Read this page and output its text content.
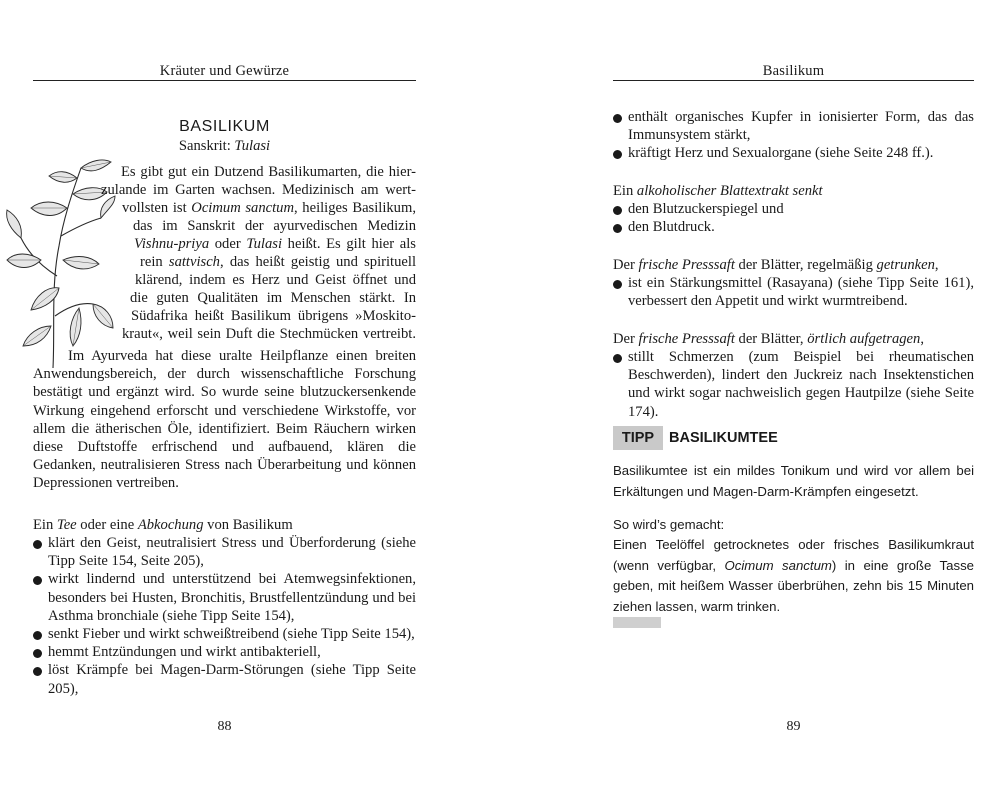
Kräuter und Gewürze
BASILIKUM
Sanskrit: Tulasi
Es gibt gut ein Dutzend Basilikumarten, die hier-
zulande im Garten wachsen. Medizinisch am wert-
vollsten ist Ocimum sanctum, heiliges Basilikum,
das im Sanskrit der ayurvedischen Medizin
Vishnu-priya oder Tulasi heißt. Es gilt hier als
rein sattvisch, das heißt geistig und spirituell
klärend, indem es Herz und Geist öffnet und
die guten Qualitäten im Menschen stärkt. In
Südafrika heißt Basilikum übrigens »Moskito-
kraut«, weil sein Duft die Stechmücken vertreibt.

Im Ayurveda hat diese uralte Heilpflanze einen breiten Anwendungsbereich, der durch wissenschaftliche Forschung bestätigt und ergänzt wird. So wurde seine blutzuckersenkende Wirkung eingehend erforscht und verschiedene Wirkstoffe, vor allem die ätherischen Öle, identifiziert. Beim Räuchern wirken diese Duftstoffe erfrischend und aufbauend, klären die Gedanken, neutralisieren Stress nach Überarbeitung und können Depressionen vertreiben.

Ein Tee oder eine Abkochung von Basilikum
klärt den Geist, neutralisiert Stress und Überforderung (siehe Tipp Seite 154, Seite 205),
wirkt lindernd und unterstützend bei Atemwegsinfektionen, besonders bei Husten, Bronchitis, Brustfellentzündung und bei Asthma bronchiale (siehe Tipp Seite 154),
senkt Fieber und wirkt schweißtreibend (siehe Tipp Seite 154),
hemmt Entzündungen und wirkt antibakteriell,
löst Krämpfe bei Magen-Darm-Störungen (siehe Tipp Seite 205),
88
Basilikum
enthält organisches Kupfer in ionisierter Form, das das Immunsystem stärkt,
kräftigt Herz und Sexualorgane (siehe Seite 248 ff.).
Ein alkoholischer Blattextrakt senkt
den Blutzuckerspiegel und
den Blutdruck.
Der frische Presssaft der Blätter, regelmäßig getrunken,
ist ein Stärkungsmittel (Rasayana) (siehe Tipp Seite 161), verbessert den Appetit und wirkt wurmtreibend.
Der frische Presssaft der Blätter, örtlich aufgetragen,
stillt Schmerzen (zum Beispiel bei rheumatischen Beschwerden), lindert den Juckreiz nach Insektenstichen und wirkt sogar nachweislich gegen Hautpilze (siehe Seite 174).
TIPP	BASILIKUMTEE
Basilikumtee ist ein mildes Tonikum und wird vor allem bei Erkältungen und Magen-Darm-Krämpfen eingesetzt.
So wird’s gemacht:
Einen Teelöffel getrocknetes oder frisches Basilikumkraut (wenn verfügbar, Ocimum sanctum) in eine große Tasse geben, mit heißem Wasser überbrühen, zehn bis 15 Minuten ziehen lassen, warm trinken.
89
